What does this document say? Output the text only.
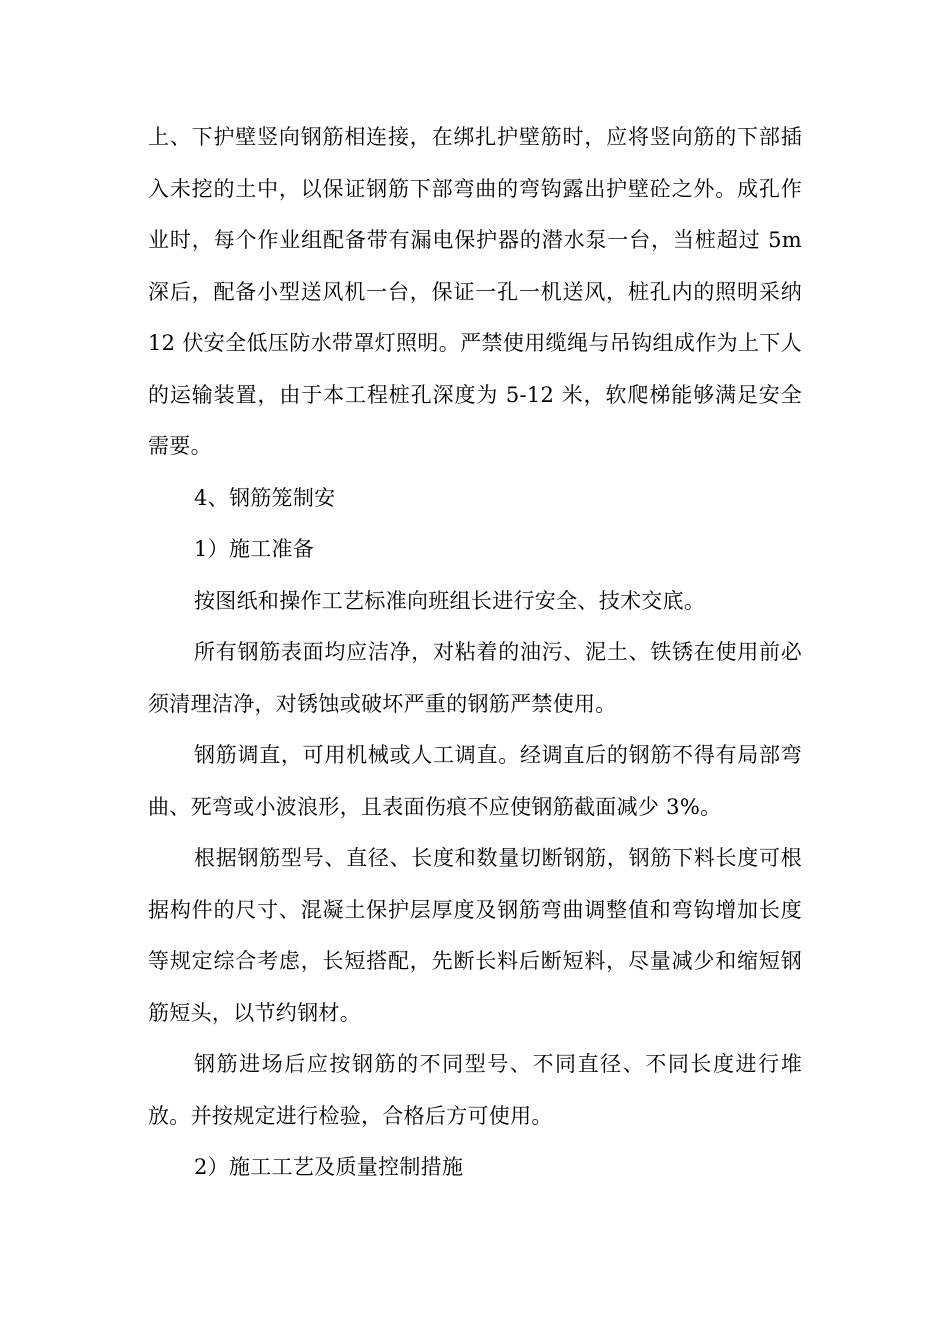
上、下护壁竖向钢筋相连接，在绑扎护壁筋时，应将竖向筋的下部插入未挖的土中，以保证钢筋下部弯曲的弯钩露出护壁砼之外。成孔作业时，每个作业组配备带有漏电保护器的潜水泵一台，当桩超过 5m 深后，配备小型送风机一台，保证一孔一机送风，桩孔内的照明采纳 12 伏安全低压防水带罩灯照明。严禁使用缆绳与吊钩组成作为上下人的运输装置，由于本工程桩孔深度为 5-12 米，软爬梯能够满足安全需要。

4、钢筋笼制安

1）施工准备

按图纸和操作工艺标准向班组长进行安全、技术交底。

所有钢筋表面均应洁净，对粘着的油污、泥土、铁锈在使用前必须清理洁净，对锈蚀或破坏严重的钢筋严禁使用。

钢筋调直，可用机械或人工调直。经调直后的钢筋不得有局部弯曲、死弯或小波浪形，且表面伤痕不应使钢筋截面减少 3%。

根据钢筋型号、直径、长度和数量切断钢筋，钢筋下料长度可根据构件的尺寸、混凝土保护层厚度及钢筋弯曲调整值和弯钩增加长度等规定综合考虑，长短搭配，先断长料后断短料，尽量减少和缩短钢筋短头，以节约钢材。

钢筋进场后应按钢筋的不同型号、不同直径、不同长度进行堆放。并按规定进行检验，合格后方可使用。

2）施工工艺及质量控制措施
